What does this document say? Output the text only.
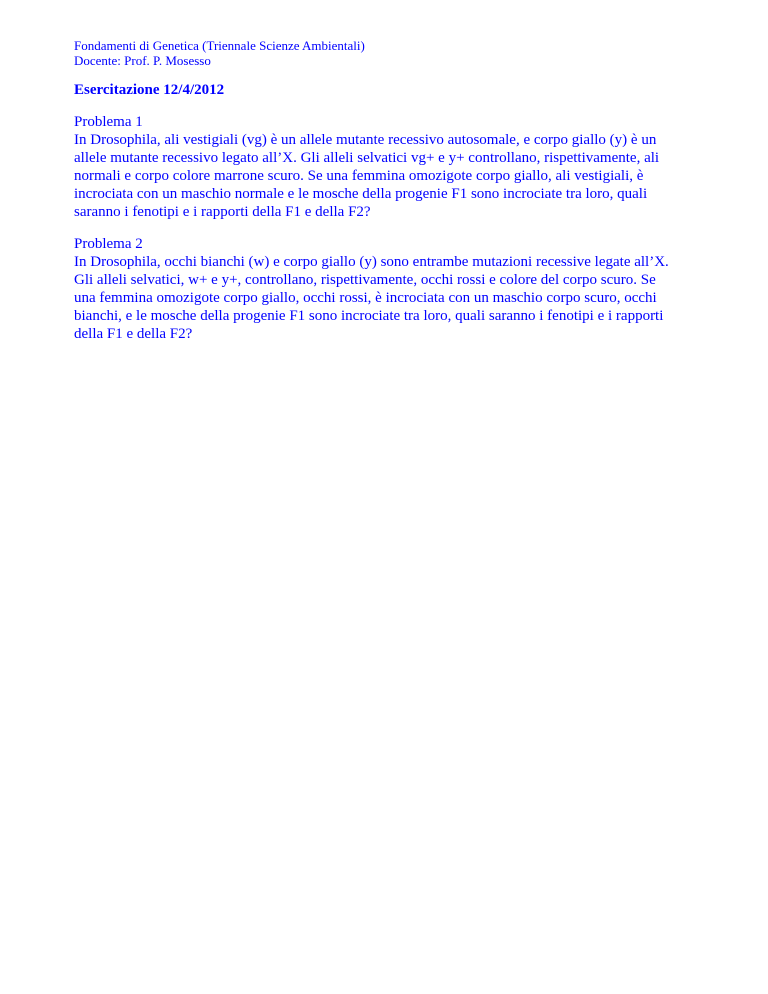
Fondamenti di Genetica (Triennale Scienze Ambientali)

Docente: Prof. P. Mosesso

Esercitazione 12/4/2012

Problema 1

In Drosophila, ali vestigiali (vg) è un allele mutante recessivo autosomale, e corpo giallo (y) è un
allele mutante recessivo legato all’X. Gli alleli selvatici vg+ e y+ controllano, rispettivamente, ali
normali e corpo colore marrone scuro. Se una femmina omozigote corpo giallo, ali vestigiali, è
incrociata con un maschio normale e le mosche della progenie F1 sono incrociate tra loro, quali
saranno i fenotipi e i rapporti della F1 e della F2?

Problema 2

In Drosophila, occhi bianchi (w) e corpo giallo (y) sono entrambe mutazioni recessive legate all’X.
Gli alleli selvatici, w+ e y+, controllano, rispettivamente, occhi rossi e colore del corpo scuro. Se
una femmina omozigote corpo giallo, occhi rossi, è incrociata con un maschio corpo scuro, occhi
bianchi, e le mosche della progenie F1 sono incrociate tra loro, quali saranno i fenotipi e i rapporti
della F1 e della F2?
